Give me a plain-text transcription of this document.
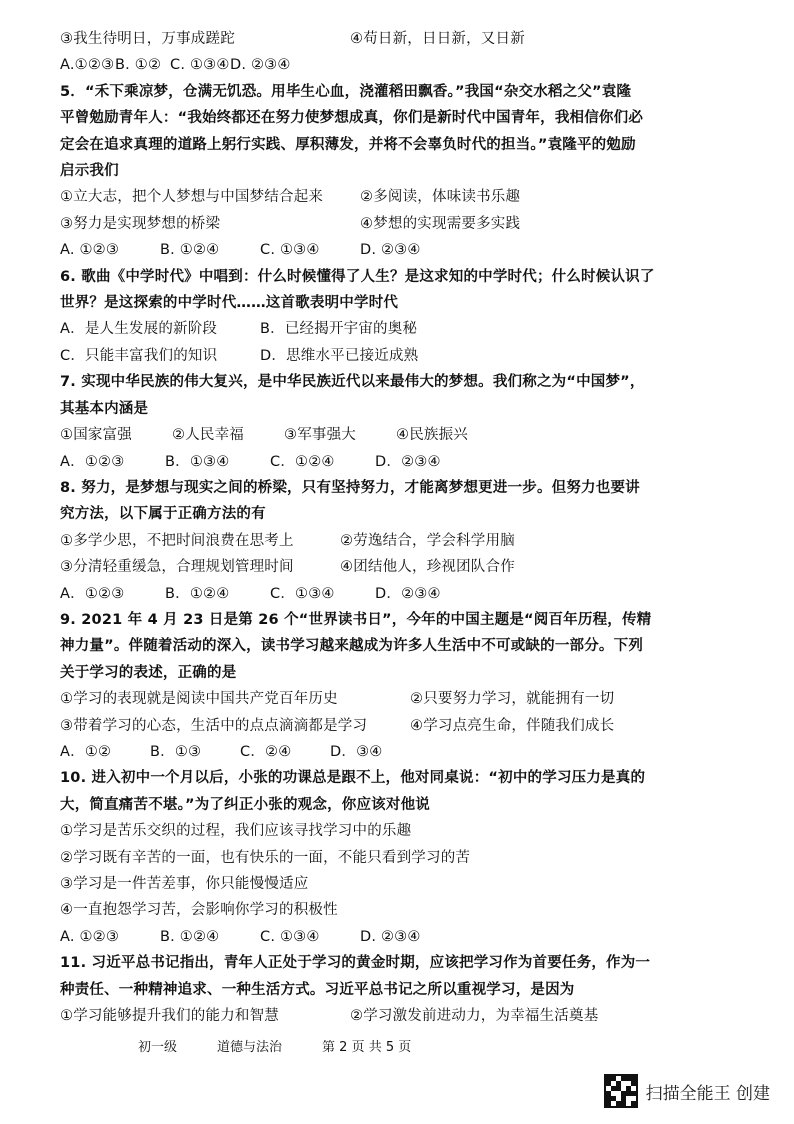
③我生待明日，万事成蹉跎	④苟日新，日日新，又日新
A.①②③ B. ①② C. ①③④ D. ②③④
5．“禾下乘凉梦，仓满无饥恐。用毕生心血，浇灌稻田飘香。”我国“杂交水稻之父”袁隆
平曾勉励青年人：“我始终都还在努力使梦想成真，你们是新时代中国青年，我相信你们必
定会在追求真理的道路上躬行实践、厚积薄发，并将不会辜负时代的担当。”袁隆平的勉励
启示我们
①立大志，把个人梦想与中国梦结合起来	②多阅读，体味读书乐趣
③努力是实现梦想的桥梁	④梦想的实现需要多实践
A. ①②③	B. ①②④	C. ①③④	D. ②③④
6. 歌曲《中学时代》中唱到：什么时候懂得了人生？是这求知的中学时代；什么时候认识了
世界？是这探索的中学时代……这首歌表明中学时代
A．是人生发展的新阶段	B．已经揭开宇宙的奥秘
C．只能丰富我们的知识	D．思维水平已接近成熟
7. 实现中华民族的伟大复兴，是中华民族近代以来最伟大的梦想。我们称之为“中国梦”，
其基本内涵是
①国家富强	②人民幸福	③军事强大	④民族振兴
A．①②③	B．①③④	C．①②④	D．②③④
8. 努力，是梦想与现实之间的桥梁，只有坚持努力，才能离梦想更进一步。但努力也要讲
究方法，以下属于正确方法的有
①多学少思，不把时间浪费在思考上	②劳逸结合，学会科学用脑
③分清轻重缓急，合理规划管理时间	④团结他人，珍视团队合作
A．①②③	B．①②④	C．①③④	D．②③④
9. 2021 年 4 月 23 日是第 26 个“世界读书日”，今年的中国主题是“阅百年历程，传精
神力量”。伴随着活动的深入，读书学习越来越成为许多人生活中不可或缺的一部分。下列
关于学习的表述，正确的是
①学习的表现就是阅读中国共产党百年历史	②只要努力学习，就能拥有一切
③带着学习的心态，生活中的点点滴滴都是学习	④学习点亮生命，伴随我们成长
A．①②	B．①③	C．②④	D．③④
10. 进入初中一个月以后，小张的功课总是跟不上，他对同桌说：“初中的学习压力是真的
大，简直痛苦不堪。”为了纠正小张的观念，你应该对他说
①学习是苦乐交织的过程，我们应该寻找学习中的乐趣
②学习既有辛苦的一面，也有快乐的一面，不能只看到学习的苦
③学习是一件苦差事，你只能慢慢适应
④一直抱怨学习苦，会影响你学习的积极性
A. ①②③	B. ①②④	C. ①③④	D. ②③④
11. 习近平总书记指出，青年人正处于学习的黄金时期，应该把学习作为首要任务，作为一
种责任、一种精神追求、一种生活方式。习近平总书记之所以重视学习，是因为
①学习能够提升我们的能力和智慧	②学习激发前进动力，为幸福生活奠基
初一级	道德与法治	第 2 页 共 5 页
扫描全能王 创建
